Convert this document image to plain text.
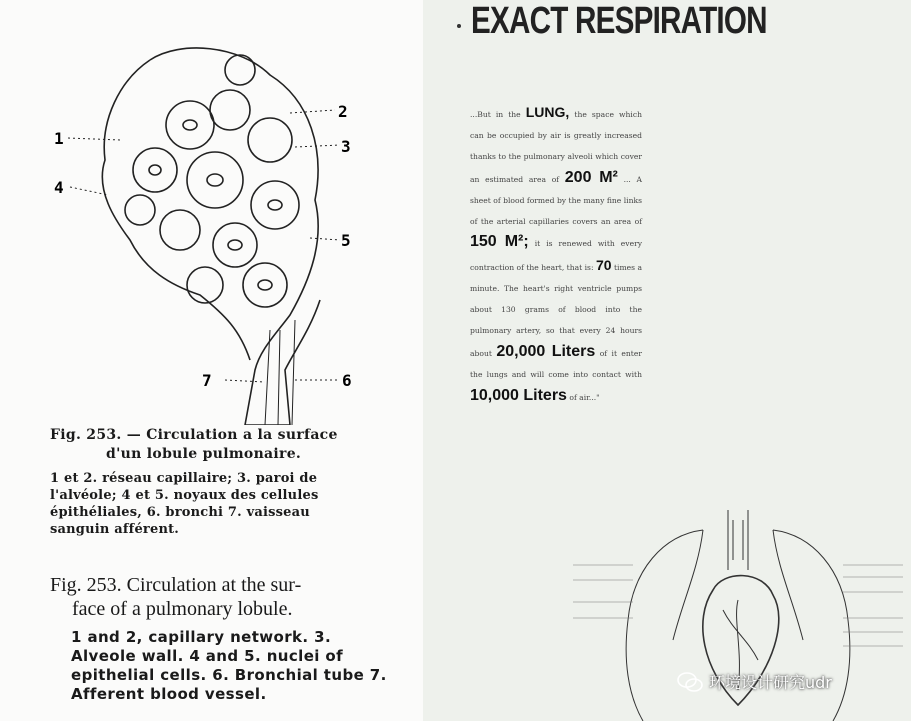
1
2
3
4
5
6
7
Fig. 253. — Circulation a la surface
d'un lobule pulmonaire.
1 et 2. réseau capillaire; 3. paroi de l'alvéole; 4 et 5. noyaux des cellules épithéliales, 6. bronchi 7. vaisseau sanguin afférent.
Fig. 253. Circulation at the sur-
face of a pulmonary lobule.
1 and 2, capillary network. 3. Alveole wall. 4 and 5. nuclei of epithelial cells. 6. Bronchial tube 7. Afferent blood vessel.
EXACT RESPIRATION
...But in the LUNG, the space which can be occupied by air is greatly increased thanks to the pulmonary alveoli which cover an estimated area of 200 M² ... A sheet of blood formed by the many fine links of the arterial capillaries covers an area of 150 M²; it is renewed with every contraction of the heart, that is: 70 times a minute. The heart's right ventricle pumps about 130 grams of blood into the pulmonary artery, so that every 24 hours about 20,000 Liters of it enter the lungs and will come into contact with 10,000 Liters of air..."
环境设计研究udr
